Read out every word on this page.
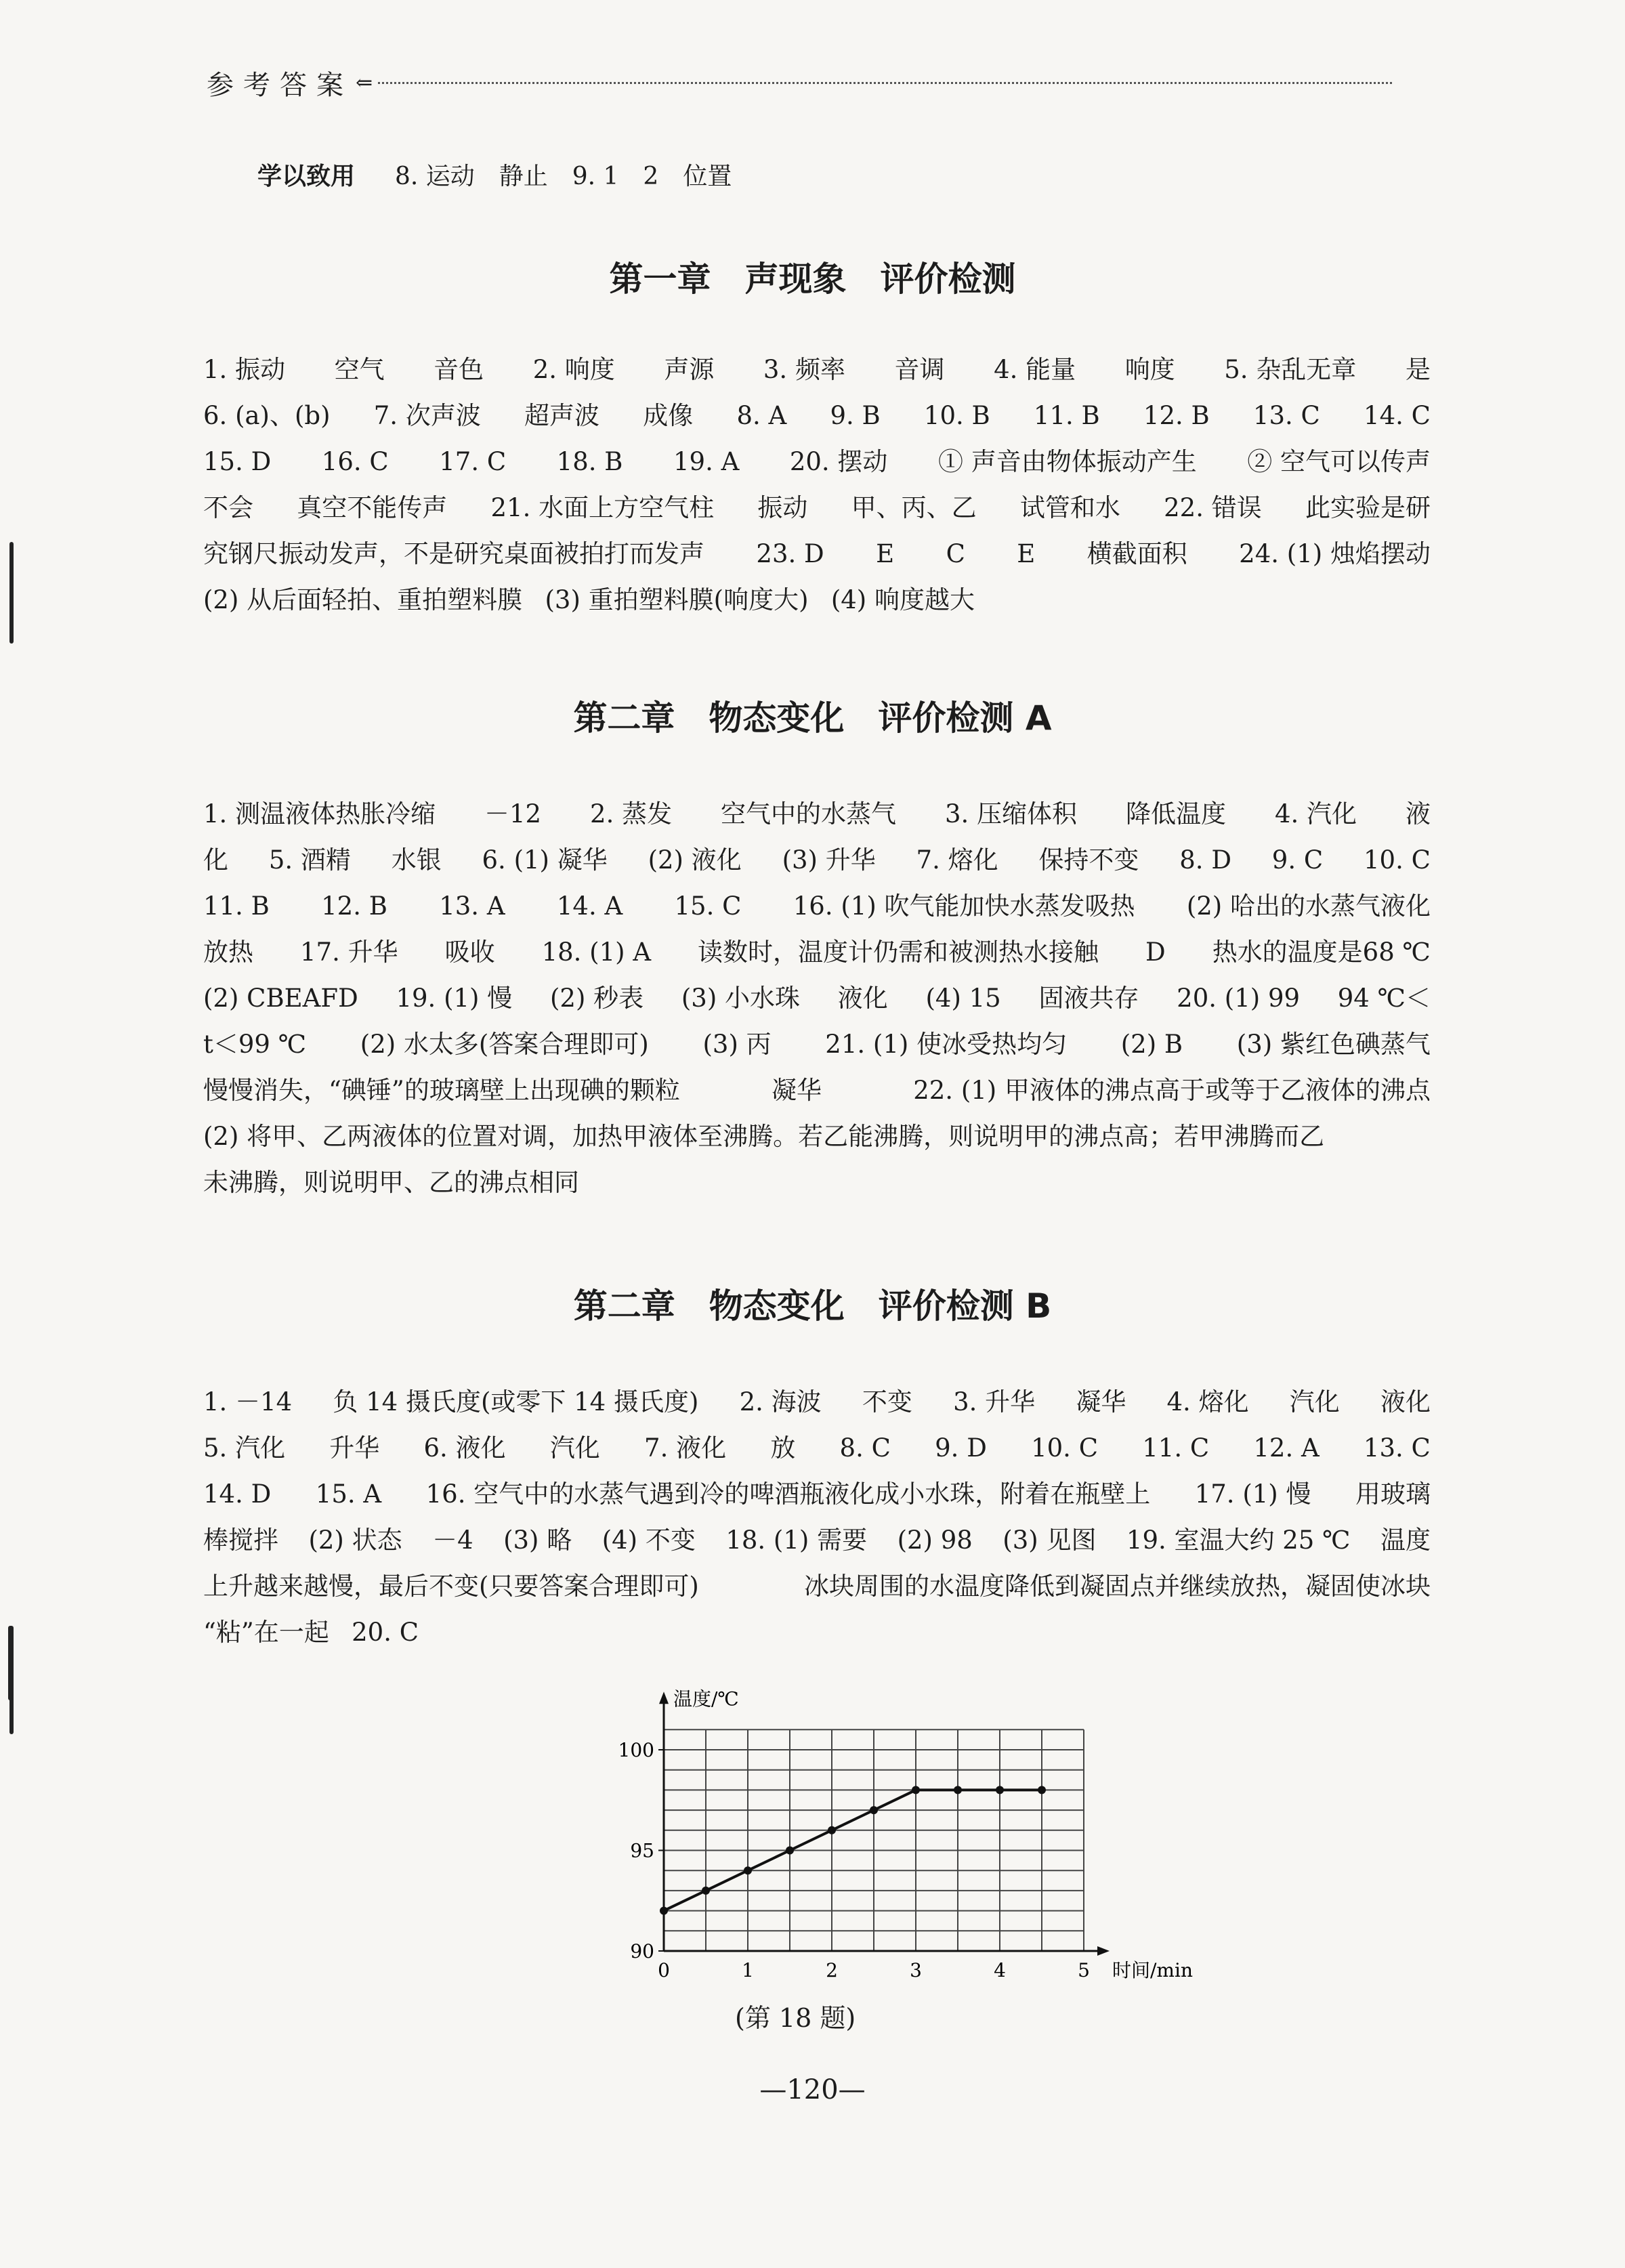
参考答案 ⇐
学以致用 　 8. 运动　静止　9. 1　2　位置
第一章　声现象　评价检测
1. 振动 空气 音色 2. 响度 声源 3. 频率 音调 4. 能量 响度 5. 杂乱无章 是
6. (a)、(b) 7. 次声波 超声波 成像 8. A 9. B 10. B 11. B 12. B 13. C 14. C
15. D 16. C 17. C 18. B 19. A 20. 摆动 ① 声音由物体振动产生 ② 空气可以传声
不会 真空不能传声 21. 水面上方空气柱 振动 甲、丙、乙 试管和水 22. 错误 此实验是研
究钢尺振动发声，不是研究桌面被拍打而发声 23. D E C E 横截面积 24. (1) 烛焰摆动
(2) 从后面轻拍、重拍塑料膜 (3) 重拍塑料膜(响度大) (4) 响度越大
第二章　物态变化　评价检测 A
1. 测温液体热胀冷缩 －12 2. 蒸发 空气中的水蒸气 3. 压缩体积 降低温度 4. 汽化 液
化 5. 酒精 水银 6. (1) 凝华 (2) 液化 (3) 升华 7. 熔化 保持不变 8. D 9. C 10. C
11. B 12. B 13. A 14. A 15. C 16. (1) 吹气能加快水蒸发吸热 (2) 哈出的水蒸气液化
放热 17. 升华 吸收 18. (1) A 读数时，温度计仍需和被测热水接触 D 热水的温度是68 ℃
(2) CBEAFD 19. (1) 慢 (2) 秒表 (3) 小水珠 液化 (4) 15 固液共存 20. (1) 99 94 ℃＜
t＜99 ℃ (2) 水太多(答案合理即可) (3) 丙 21. (1) 使冰受热均匀 (2) B (3) 紫红色碘蒸气
慢慢消失，“碘锤”的玻璃壁上出现碘的颗粒	凝华	22. (1) 甲液体的沸点高于或等于乙液体的沸点
(2) 将甲、乙两液体的位置对调，加热甲液体至沸腾。若乙能沸腾，则说明甲的沸点高；若甲沸腾而乙
未沸腾，则说明甲、乙的沸点相同
第二章　物态变化　评价检测 B
1. －14 负 14 摄氏度(或零下 14 摄氏度) 2. 海波 不变 3. 升华 凝华 4. 熔化 汽化 液化
5. 汽化 升华 6. 液化 汽化 7. 液化 放 8. C 9. D 10. C 11. C 12. A 13. C
14. D 15. A 16. 空气中的水蒸气遇到冷的啤酒瓶液化成小水珠，附着在瓶壁上 17. (1) 慢 用玻璃
棒搅拌 (2) 状态 －4 (3) 略 (4) 不变 18. (1) 需要 (2) 98 (3) 见图 19. 室温大约 25 ℃ 温度
上升越来越慢，最后不变(只要答案合理即可)	冰块周围的水温度降低到凝固点并继续放热，凝固使冰块
“粘”在一起 20. C
温度/℃
时间/min
0	1	2	3	4	5
90
95
100
(第 18 题)
—120—
